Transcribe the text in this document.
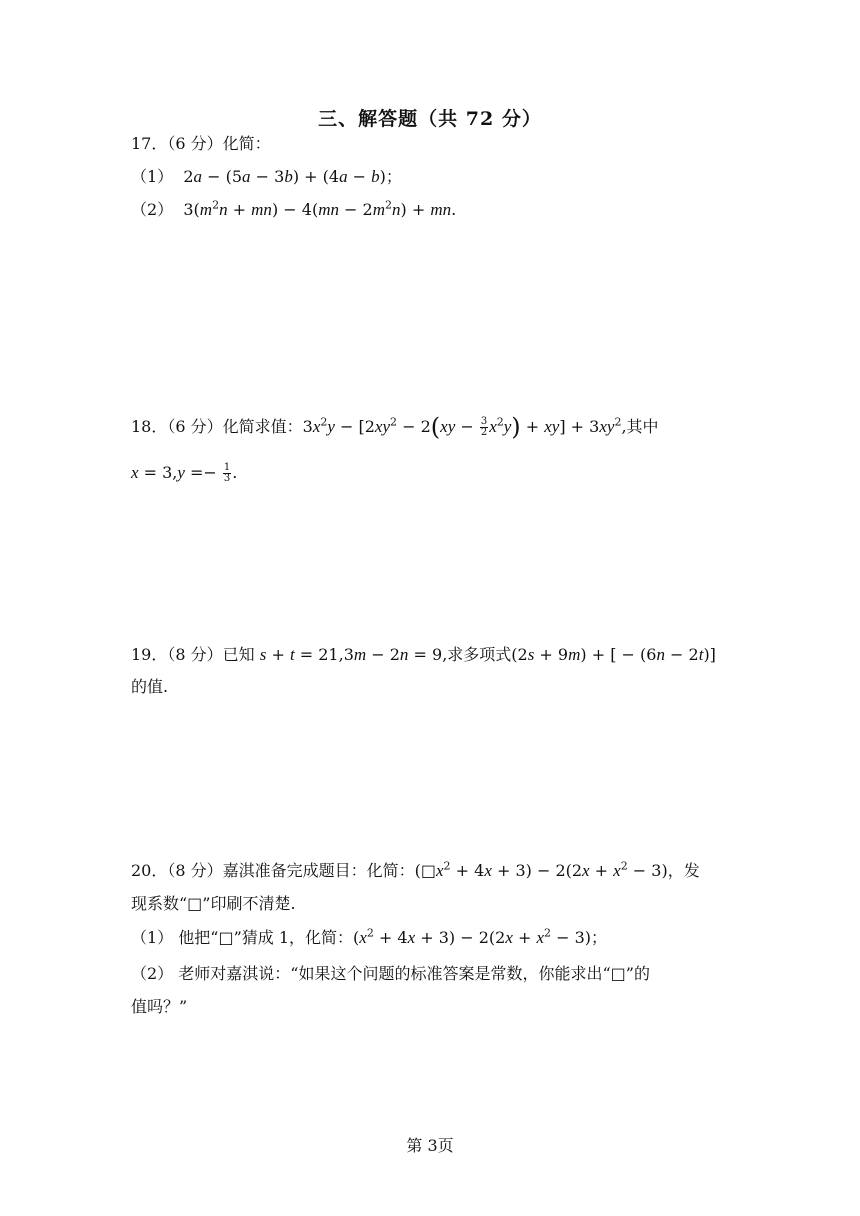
三、解答题（共 72 分）
17．（6 分）化简：
（1）  2a − (5a − 3b) + (4a − b)；
（2）  $3(m^2n + mn) - 4(mn - 2m^2n)$ + mn.
18．（6 分）化简求值：$3x^2y - [2xy^2 - 2(xy - \frac{3}{2} x^2y) + xy] + 3xy^2$,其中
$x = 3,y =- \frac{1}{3}$ .
19．（8 分）已知 s + t = 21,3m − 2n = 9,求多项式(2s + 9m) + [ − (6n − 2t)]
的值.
20．（8 分）嘉淇准备完成题目：化简：$(□x^2 + 4x + 3) - 2(2x + x^2 - 3)$，发
现系数“□”印刷不清楚.
（1） 他把“□”猜成 1，化简：$(x^2 + 4x + 3) - 2(2x + x^2 - 3)$；
（2） 老师对嘉淇说：“如果这个问题的标准答案是常数，你能求出“□”的
值吗？”
第 3页
